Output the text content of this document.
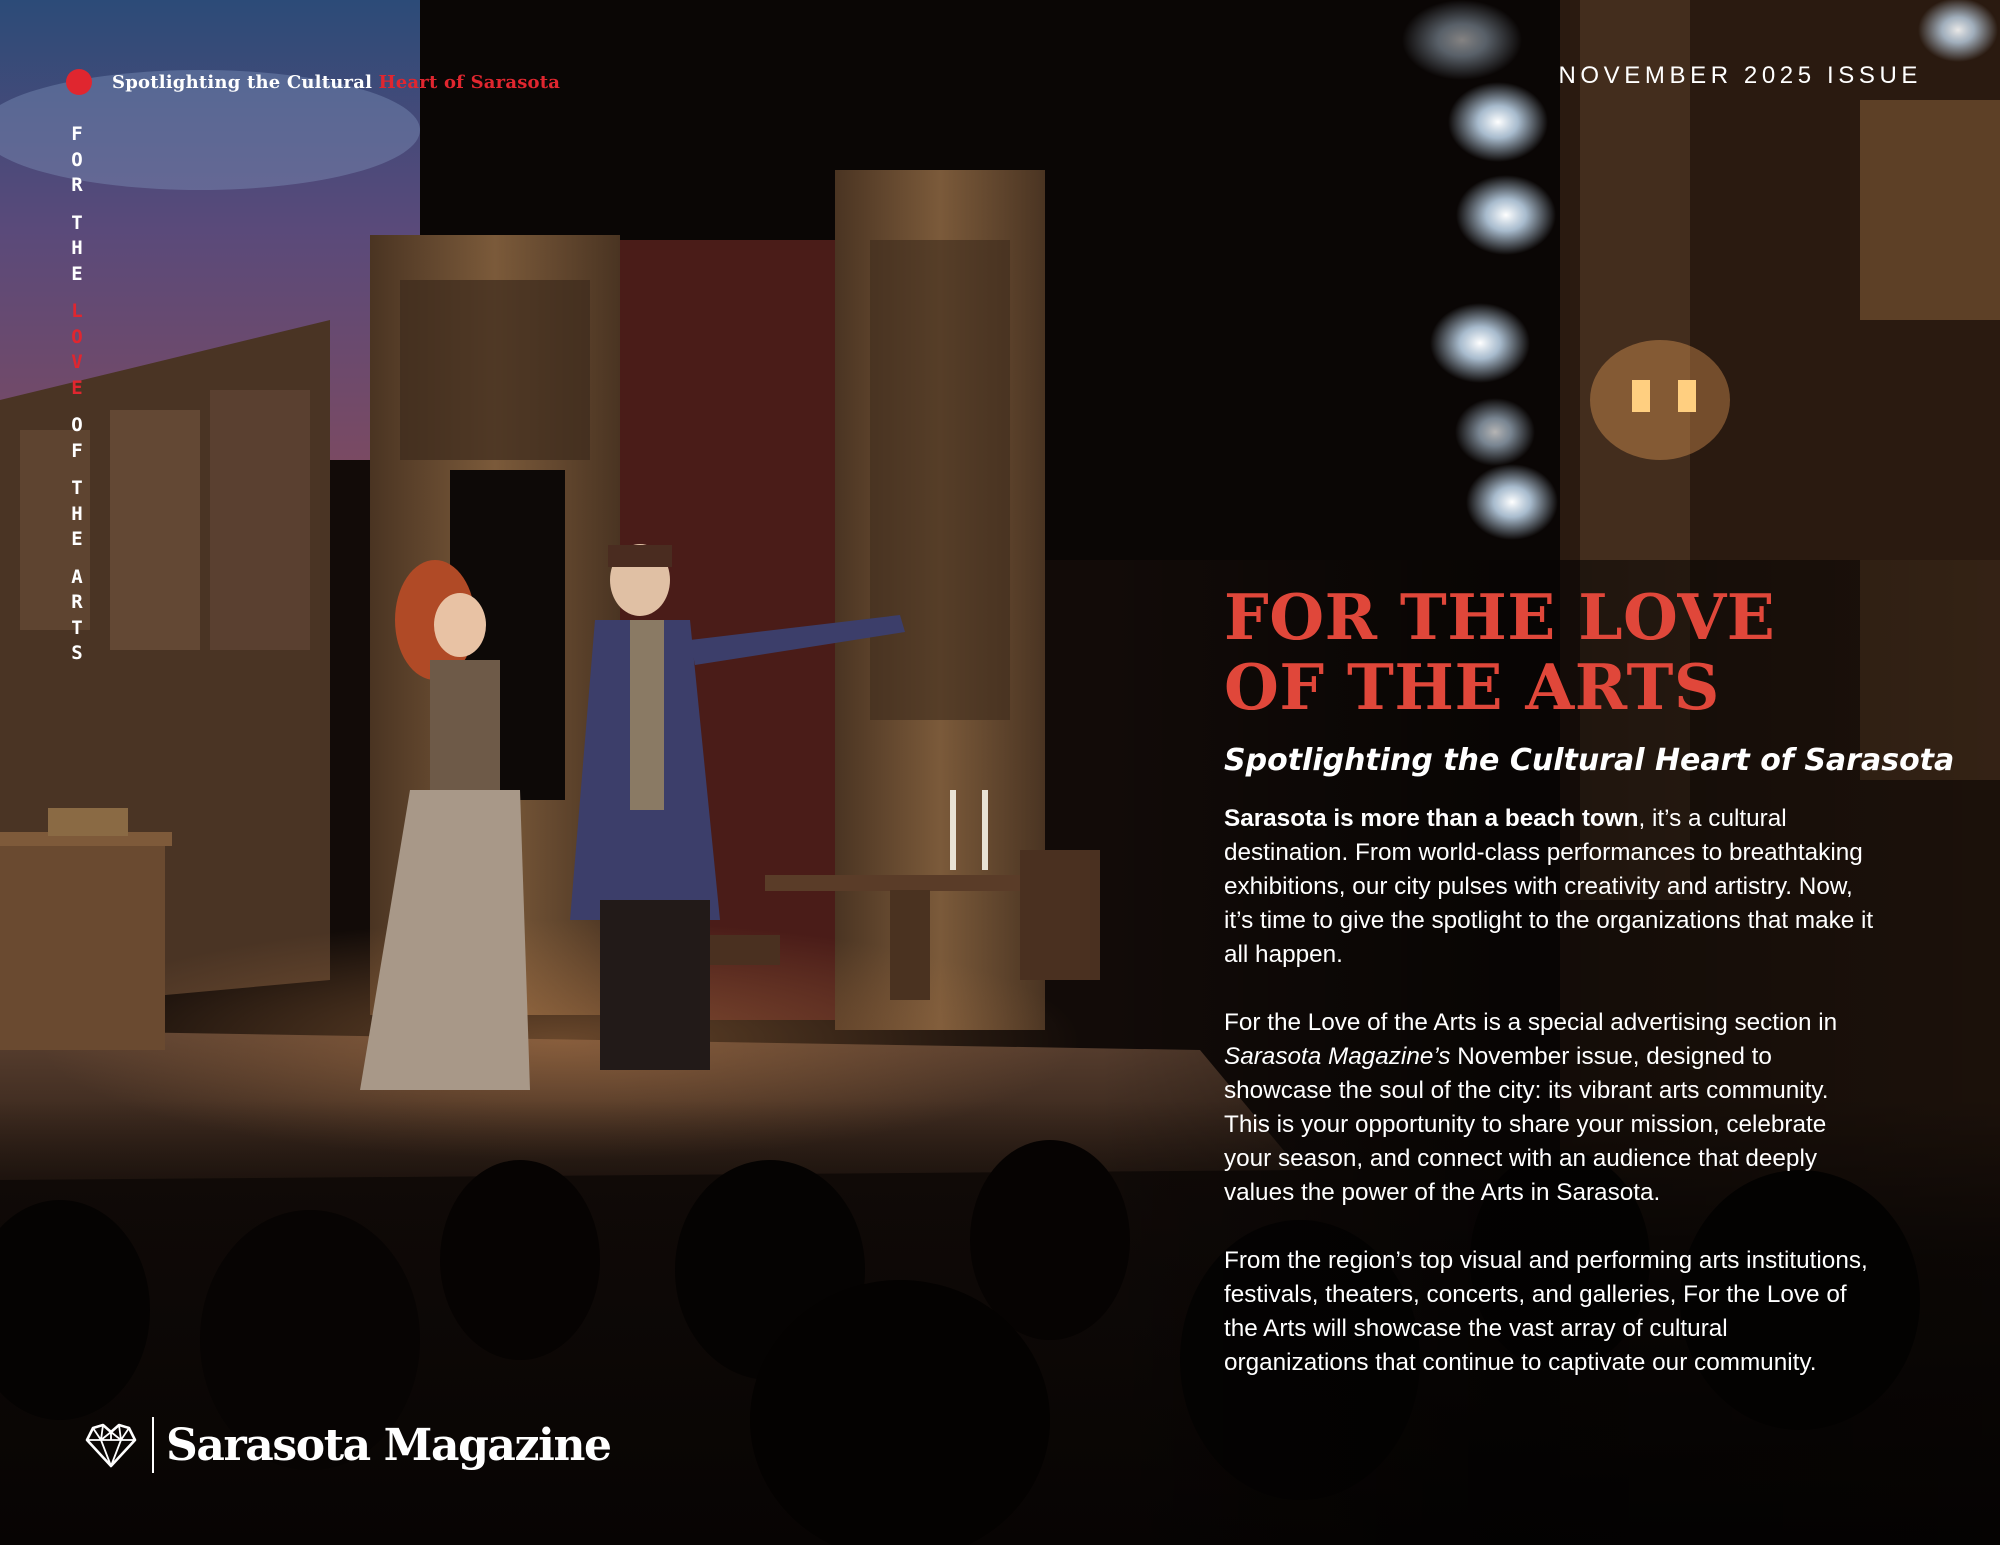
Spotlighting the Cultural Heart of Sarasota	NOVEMBER 2025 ISSUE
F
O
R
T
H
E
L
O
V
E
O
F
T
H
E
A
R
T
S	FOR THE LOVE
OF THE ARTS
Spotlighting the Cultural Heart of Sarasota

Sarasota is more than a beach town, it’s a cultural destination. From world-class performances to breathtaking exhibitions, our city pulses with creativity and artistry. Now, it’s time to give the spotlight to the organizations that make it all happen.

For the Love of the Arts is a special advertising section in Sarasota Magazine’s November issue, designed to showcase the soul of the city: its vibrant arts community. This is your opportunity to share your mission, celebrate your season, and connect with an audience that deeply values the power of the Arts in Sarasota.

From the region’s top visual and performing arts institutions, festivals, theaters, concerts, and galleries, For the Love of the Arts will showcase the vast array of cultural organizations that continue to captivate our community.

Sarasota Magazine
